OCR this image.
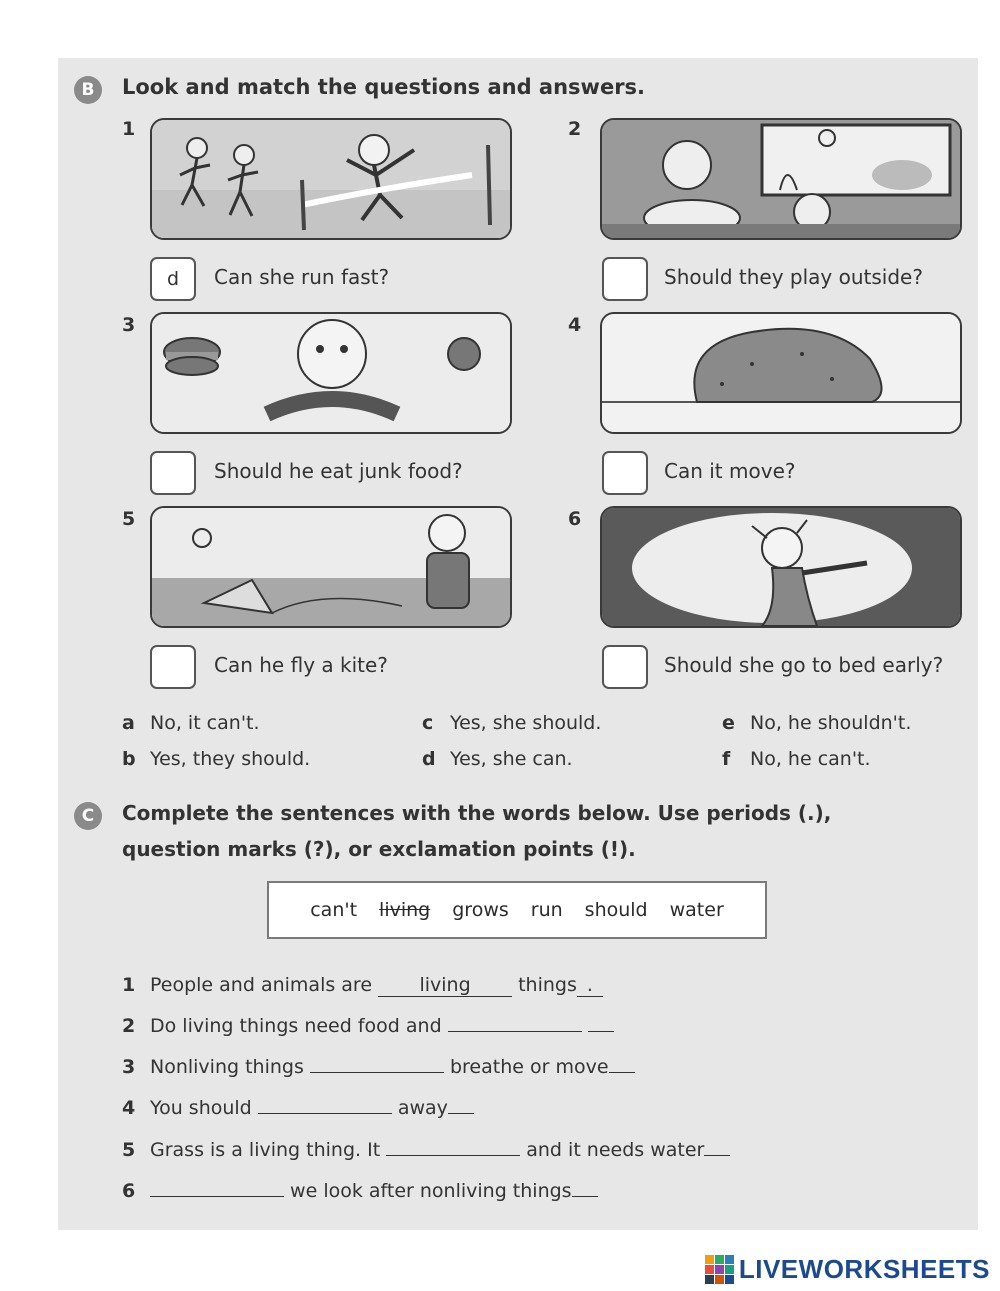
B	Look and match the questions and answers.
1
d	Can she run fast?
2
Should they play outside?
3
Should he eat junk food?
4
Can it move?
5
Can he fly a kite?
6
Should she go to bed early?
a No, it can't.
b Yes, they should.
c Yes, she should.
d Yes, she can.
e No, he shouldn't.
f No, he can't.
C	Complete the sentences with the words below. Use periods (.),
question marks (?), or exclamation points (!).
can't living grows run should water
1 People and animals are living things .
2 Do living things need food and
3 Nonliving things	breathe or move
4 You should	away
5 Grass is a living thing. It	and it needs water
6	we look after nonliving things
LIVEWORKSHEETS
